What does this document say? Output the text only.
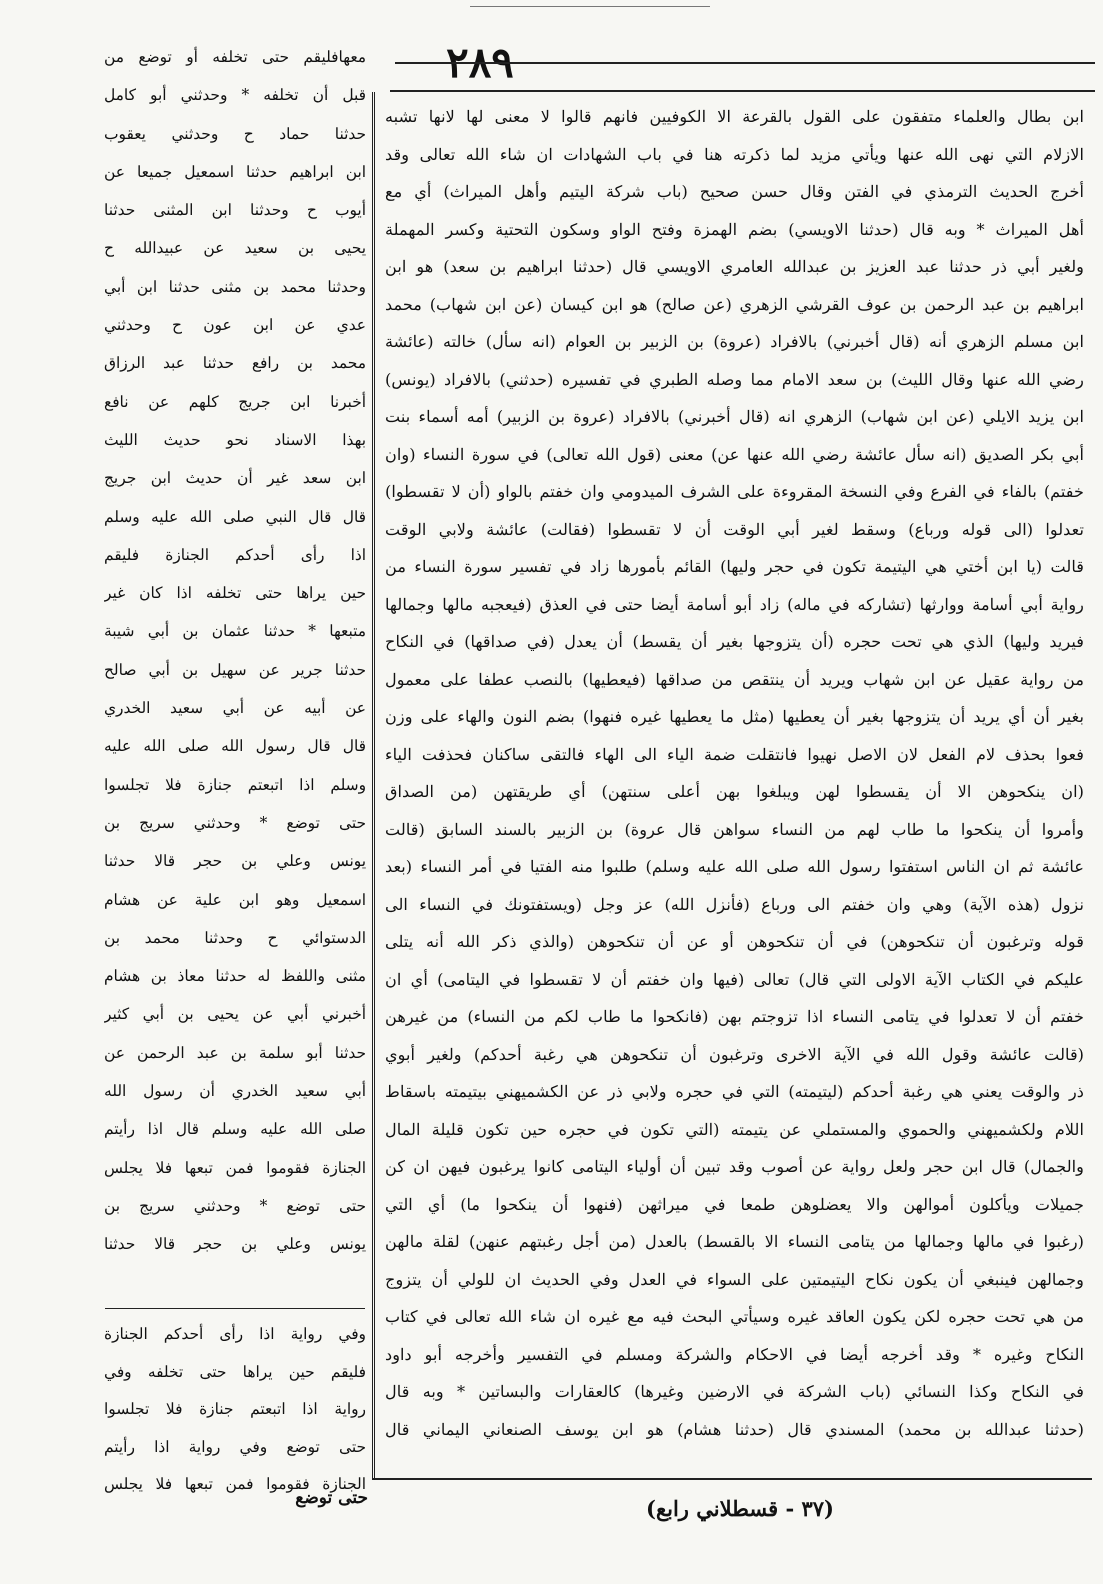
٢٨٩
معهافليقم حتى تخلفه أو توضع من
قبل أن تخلفه * وحدثني أبو كامل
حدثنا حماد ح وحدثني يعقوب
ابن ابراهيم حدثنا اسمعيل جميعا عن
أيوب ح وحدثنا ابن المثنى حدثنا
يحيى بن سعيد عن عبيدالله ح
وحدثنا محمد بن مثنى حدثنا ابن أبي
عدي عن ابن عون ح وحدثني
محمد بن رافع حدثنا عبد الرزاق
أخبرنا ابن جريج كلهم عن نافع
بهذا الاسناد نحو حديث الليث
ابن سعد غير أن حديث ابن جريج
قال قال النبي صلى الله عليه وسلم
اذا رأى أحدكم الجنازة فليقم
حين يراها حتى تخلفه اذا كان غير
متبعها * حدثنا عثمان بن أبي شيبة
حدثنا جرير عن سهيل بن أبي صالح
عن أبيه عن أبي سعيد الخدري
قال قال رسول الله صلى الله عليه
وسلم اذا اتبعتم جنازة فلا تجلسوا
حتى توضع * وحدثني سريج بن
يونس وعلي بن حجر قالا حدثنا
اسمعيل وهو ابن علية عن هشام
الدستوائي ح وحدثنا محمد بن
مثنى واللفظ له حدثنا معاذ بن هشام
أخبرني أبي عن يحيى بن أبي كثير
حدثنا أبو سلمة بن عبد الرحمن عن
أبي سعيد الخدري أن رسول الله
صلى الله عليه وسلم قال اذا رأيتم
الجنازة فقوموا فمن تبعها فلا يجلس
حتى توضع * وحدثني سريج بن
يونس وعلي بن حجر قالا حدثنا
وفي رواية اذا رأى أحدكم الجنازة
فليقم حين يراها حتى تخلفه وفي
رواية اذا اتبعتم جنازة فلا تجلسوا
حتى توضع وفي رواية اذا رأيتم
الجنازة فقوموا فمن تبعها فلا يجلس
حتى توضع
ابن بطال والعلماء متفقون على القول بالقرعة الا الكوفيين فانهم قالوا لا معنى لها لانها تشبه
الازلام التي نهى الله عنها ويأتي مزيد لما ذكرته هنا في باب الشهادات ان شاء الله تعالى وقد
أخرج الحديث الترمذي في الفتن وقال حسن صحيح (باب شركة اليتيم وأهل الميراث) أي مع
أهل الميراث * وبه قال (حدثنا الاويسي) بضم الهمزة وفتح الواو وسكون التحتية وكسر المهملة
ولغير أبي ذر حدثنا عبد العزيز بن عبدالله العامري الاويسي قال (حدثنا ابراهيم بن سعد) هو ابن
ابراهيم بن عبد الرحمن بن عوف القرشي الزهري (عن صالح) هو ابن كيسان (عن ابن شهاب) محمد
ابن مسلم الزهري أنه (قال أخبرني) بالافراد (عروة) بن الزبير بن العوام (انه سأل) خالته (عائشة
رضي الله عنها وقال الليث) بن سعد الامام مما وصله الطبري في تفسيره (حدثني) بالافراد (يونس)
ابن يزيد الايلي (عن ابن شهاب) الزهري انه (قال أخبرني) بالافراد (عروة بن الزبير) أمه أسماء بنت
أبي بكر الصديق (انه سأل عائشة رضي الله عنها عن) معنى (قول الله تعالى) في سورة النساء (وان
خفتم) بالفاء في الفرع وفي النسخة المقروءة على الشرف الميدومي وان خفتم بالواو (أن لا تقسطوا)
تعدلوا (الى قوله ورباع) وسقط لغير أبي الوقت أن لا تقسطوا (فقالت) عائشة ولابي الوقت
قالت (يا ابن أختي هي اليتيمة تكون في حجر وليها) القائم بأمورها زاد في تفسير سورة النساء من
رواية أبي أسامة ووارثها (تشاركه في ماله) زاد أبو أسامة أيضا حتى في العذق (فيعجبه مالها وجمالها
فيريد وليها) الذي هي تحت حجره (أن يتزوجها بغير أن يقسط) أن يعدل (في صداقها) في النكاح
من رواية عقيل عن ابن شهاب ويريد أن ينتقص من صداقها (فيعطيها) بالنصب عطفا على معمول
بغير أن أي يريد أن يتزوجها بغير أن يعطيها (مثل ما يعطيها غيره فنهوا) بضم النون والهاء على وزن
فعوا بحذف لام الفعل لان الاصل نهيوا فانتقلت ضمة الياء الى الهاء فالتقى ساكنان فحذفت الياء
(ان ينكحوهن الا أن يقسطوا لهن ويبلغوا بهن أعلى سنتهن) أي طريقتهن (من الصداق
وأمروا أن ينكحوا ما طاب لهم من النساء سواهن قال عروة) بن الزبير بالسند السابق (قالت
عائشة ثم ان الناس استفتوا رسول الله صلى الله عليه وسلم) طلبوا منه الفتيا في أمر النساء (بعد
نزول (هذه الآية) وهي وان خفتم الى ورباع (فأنزل الله) عز وجل (ويستفتونك في النساء الى
قوله وترغبون أن تنكحوهن) في أن تنكحوهن أو عن أن تنكحوهن (والذي ذكر الله أنه يتلى
عليكم في الكتاب الآية الاولى التي قال) تعالى (فيها وان خفتم أن لا تقسطوا في اليتامى) أي ان
خفتم أن لا تعدلوا في يتامى النساء اذا تزوجتم بهن (فانكحوا ما طاب لكم من النساء) من غيرهن
(قالت عائشة وقول الله في الآية الاخرى وترغبون أن تنكحوهن هي رغبة أحدكم) ولغير أبوي
ذر والوقت يعني هي رغبة أحدكم (ليتيمته) التي في حجره ولابي ذر عن الكشميهني بيتيمته باسقاط
اللام ولكشميهني والحموي والمستملي عن يتيمته (التي تكون في حجره حين تكون قليلة المال
والجمال) قال ابن حجر ولعل رواية عن أصوب وقد تبين أن أولياء اليتامى كانوا يرغبون فيهن ان كن
جميلات ويأكلون أموالهن والا يعضلوهن طمعا في ميراثهن (فنهوا أن ينكحوا ما) أي التي
(رغبوا في مالها وجمالها من يتامى النساء الا بالقسط) بالعدل (من أجل رغبتهم عنهن) لقلة مالهن
وجمالهن فينبغي أن يكون نكاح اليتيمتين على السواء في العدل وفي الحديث ان للولي أن يتزوج
من هي تحت حجره لكن يكون العاقد غيره وسيأتي البحث فيه مع غيره ان شاء الله تعالى في كتاب
النكاح وغيره * وقد أخرجه أيضا في الاحكام والشركة ومسلم في التفسير وأخرجه أبو داود
في النكاح وكذا النسائي (باب الشركة في الارضين وغيرها) كالعقارات والبساتين * وبه قال
(حدثنا عبدالله بن محمد) المسندي قال (حدثنا هشام) هو ابن يوسف الصنعاني اليماني قال
(٣٧ - قسطلاني رابع)
